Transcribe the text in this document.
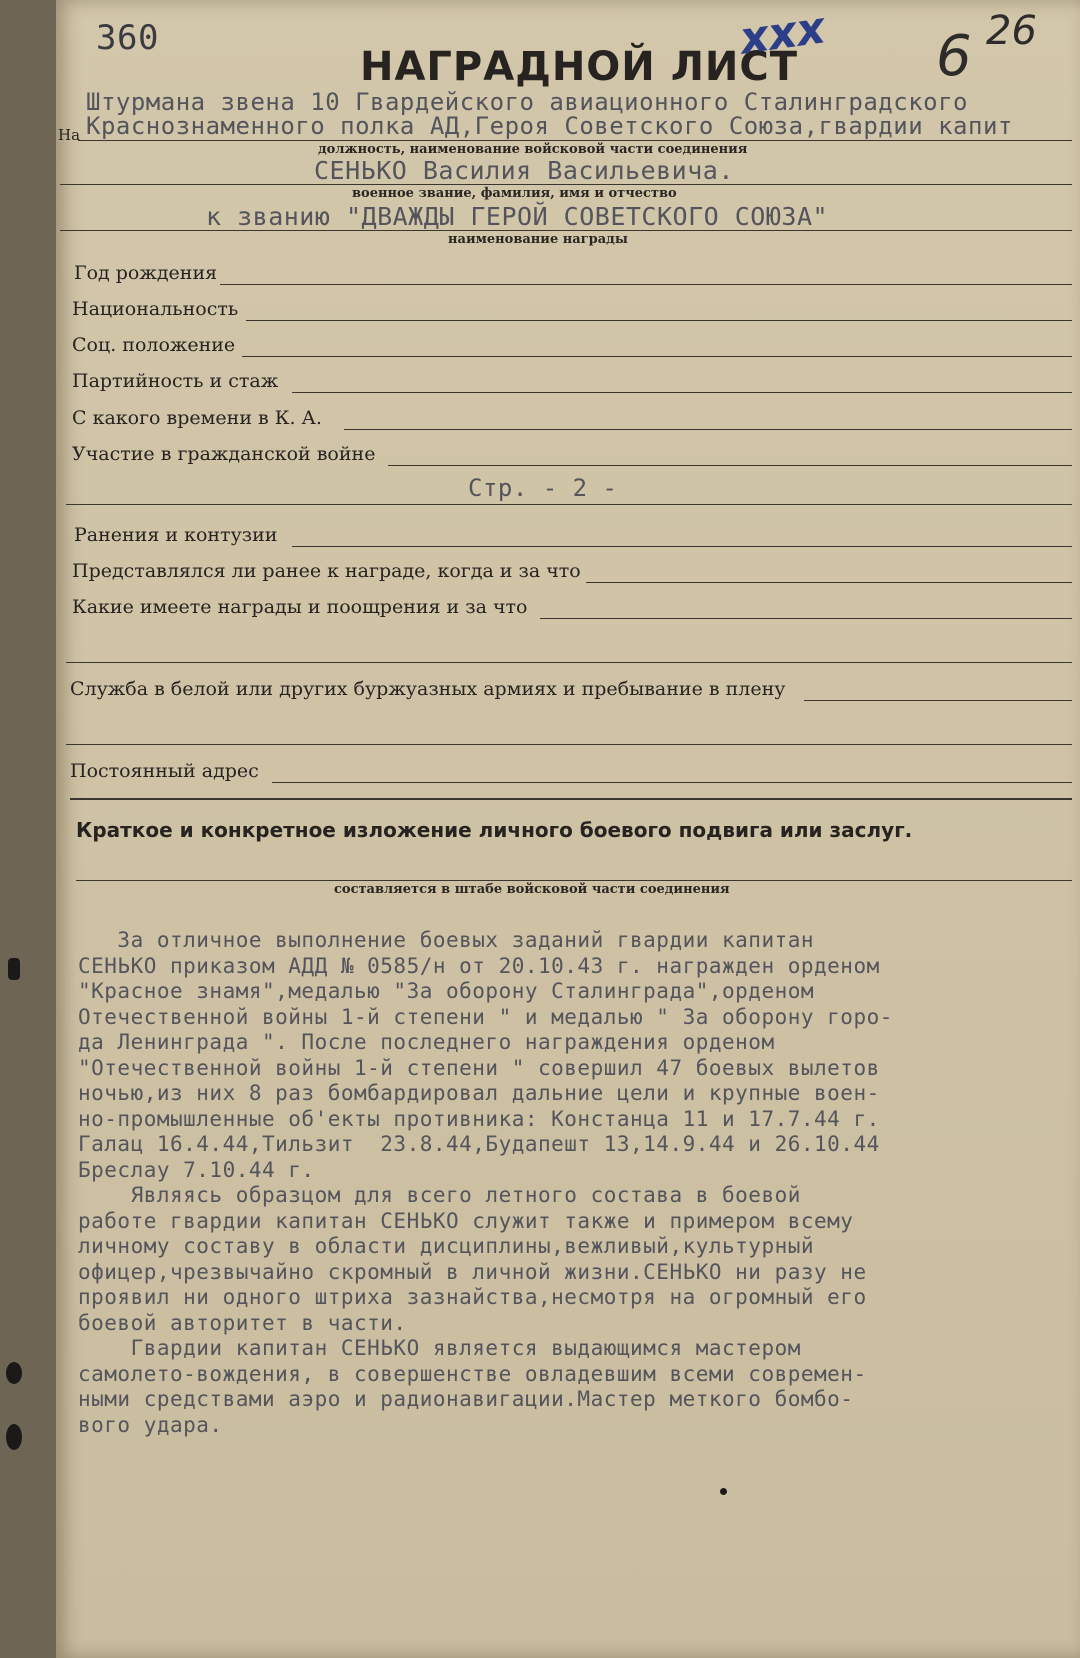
360
НАГРАДНОЙ ЛИСТ
ххх 6 26
Штурмана звена 10 Гвардейского авиационного Сталинградского
На Краснознаменного полка АД,Героя Советского Союза,гвардии капит
должность, наименование войсковой части соединения
СЕНЬКО Василия Васильевича.
военное звание, фамилия, имя и отчество
к званию "ДВАЖДЫ ГЕРОЙ СОВЕТСКОГО СОЮЗА"
наименование награды
Год рождения
Национальность
Соц. положение
Партийность и стаж
С какого времени в К. А.
Участие в гражданской войне
Стр. - 2 -
Ранения и контузии
Представлялся ли ранее к награде, когда и за что
Какие имеете награды и поощрения и за что
Служба в белой или других буржуазных армиях и пребывание в плену
Постоянный адрес
Краткое и конкретное изложение личного боевого подвига или заслуг.
составляется в штабе войсковой части соединения
За отличное выполнение боевых заданий гвардии капитан
СЕНЬКО приказом АДД № 0585/н от 20.10.43 г. награжден орденом
"Красное знамя",медалью "За оборону Сталинграда",орденом
Отечественной войны 1-й степени " и медалью " За оборону горо-
да Ленинграда ". После последнего награждения орденом
"Отечественной войны 1-й степени " совершил 47 боевых вылетов
ночью,из них 8 раз бомбардировал дальние цели и крупные воен-
но-промышленные об'екты противника: Констанца 11 и 17.7.44 г.
Галац 16.4.44,Тильзит  23.8.44,Будапешт 13,14.9.44 и 26.10.44
Бреслау 7.10.44 г.
Являясь образцом для всего летного состава в боевой
работе гвардии капитан СЕНЬКО служит также и примером всему
личному составу в области дисциплины,вежливый,культурный
офицер,чрезвычайно скромный в личной жизни.СЕНЬКО ни разу не
проявил ни одного штриха зазнайства,несмотря на огромный его
боевой авторитет в части.
Гвардии капитан СЕНЬКО является выдающимся мастером
самолето-вождения, в совершенстве овладевшим всеми современ-
ными средствами аэро и радионавигации.Мастер меткого бомбо-
вого удара.
